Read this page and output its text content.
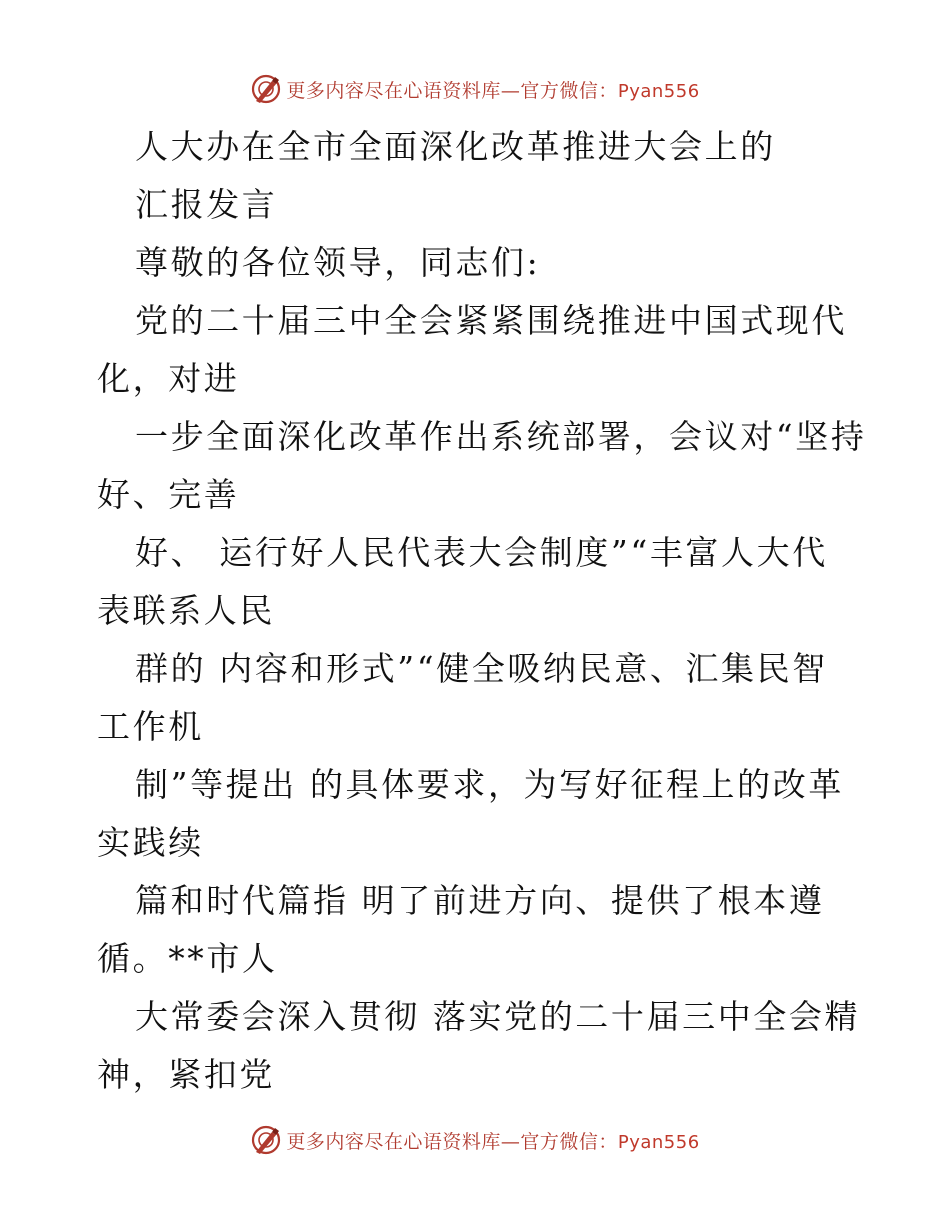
更多内容尽在心语资料库—官方微信：Pyan556
人大办在全市全面深化改革推进大会上的
汇报发言
尊敬的各位领导，同志们:
党的二十届三中全会紧紧围绕推进中国式现代
化，对进
一步全面深化改革作出系统部署，会议对“坚持
好、完善
好、 运行好人民代表大会制度”“丰富人大代
表联系人民
群的 内容和形式”“健全吸纳民意、汇集民智
工作机
制”等提出 的具体要求，为写好征程上的改革
实践续
篇和时代篇指 明了前进方向、提供了根本遵
循。**市人
大常委会深入贯彻 落实党的二十届三中全会精
神，紧扣党
更多内容尽在心语资料库—官方微信：Pyan556
